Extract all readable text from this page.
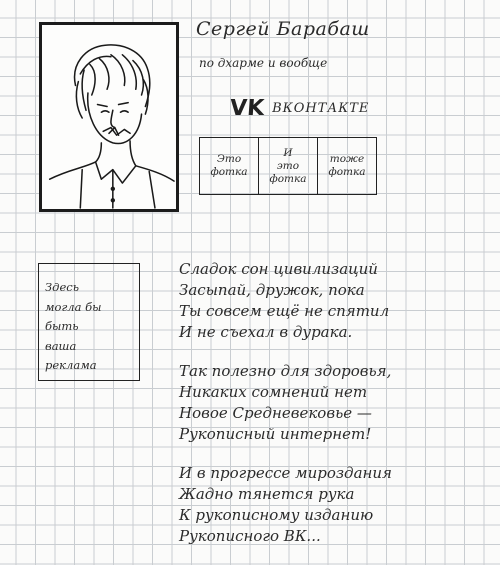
Сергей Барабаш
по дхарме и вообще
VK ВКОНТАКТЕ
Это
фотка
И
это
фотка
тоже
фотка
Здесь
могла бы
быть
ваша
реклама
Сладок сон цивилизаций
Засыпай, дружок, пока
Ты совсем ещё не спятил
И не съехал в дурака.
Так полезно для здоровья,
Никаких сомнений нет
Новое Средневековье —
Рукописный интернет!
И в прогрессе мироздания
Жадно тянется рука
К рукописному изданию
Рукописного ВК...
